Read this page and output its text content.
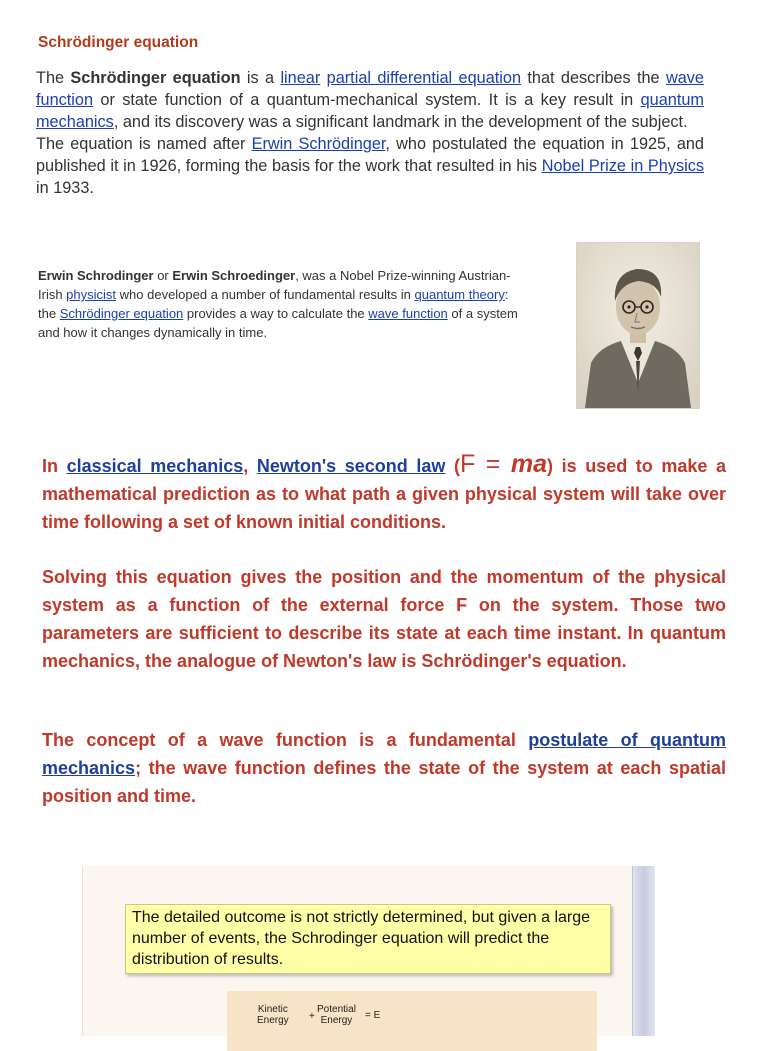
Schrödinger equation

The Schrödinger equation is a linear partial differential equation that describes the wave function or state function of a quantum-mechanical system. It is a key result in quantum mechanics, and its discovery was a significant landmark in the development of the subject.

The equation is named after Erwin Schrödinger, who postulated the equation in 1925, and published it in 1926, forming the basis for the work that resulted in his Nobel Prize in Physics in 1933.

Erwin Schrodinger or Erwin Schroedinger, was a Nobel Prize-winning Austrian-Irish physicist who developed a number of fundamental results in quantum theory: the Schrödinger equation provides a way to calculate the wave function of a system and how it changes dynamically in time.

In classical mechanics, Newton's second law (F = ma) is used to make a mathematical prediction as to what path a given physical system will take over time following a set of known initial conditions.

Solving this equation gives the position and the momentum of the physical system as a function of the external force F on the system. Those two parameters are sufficient to describe its state at each time instant. In quantum mechanics, the analogue of Newton's law is Schrödinger's equation.

The concept of a wave function is a fundamental postulate of quantum mechanics; the wave function defines the state of the system at each spatial position and time.

The detailed outcome is not strictly determined, but given a large number of events, the Schrodinger equation will predict the distribution of results.
Kinetic
Energy +
Potential
Energy	= E
